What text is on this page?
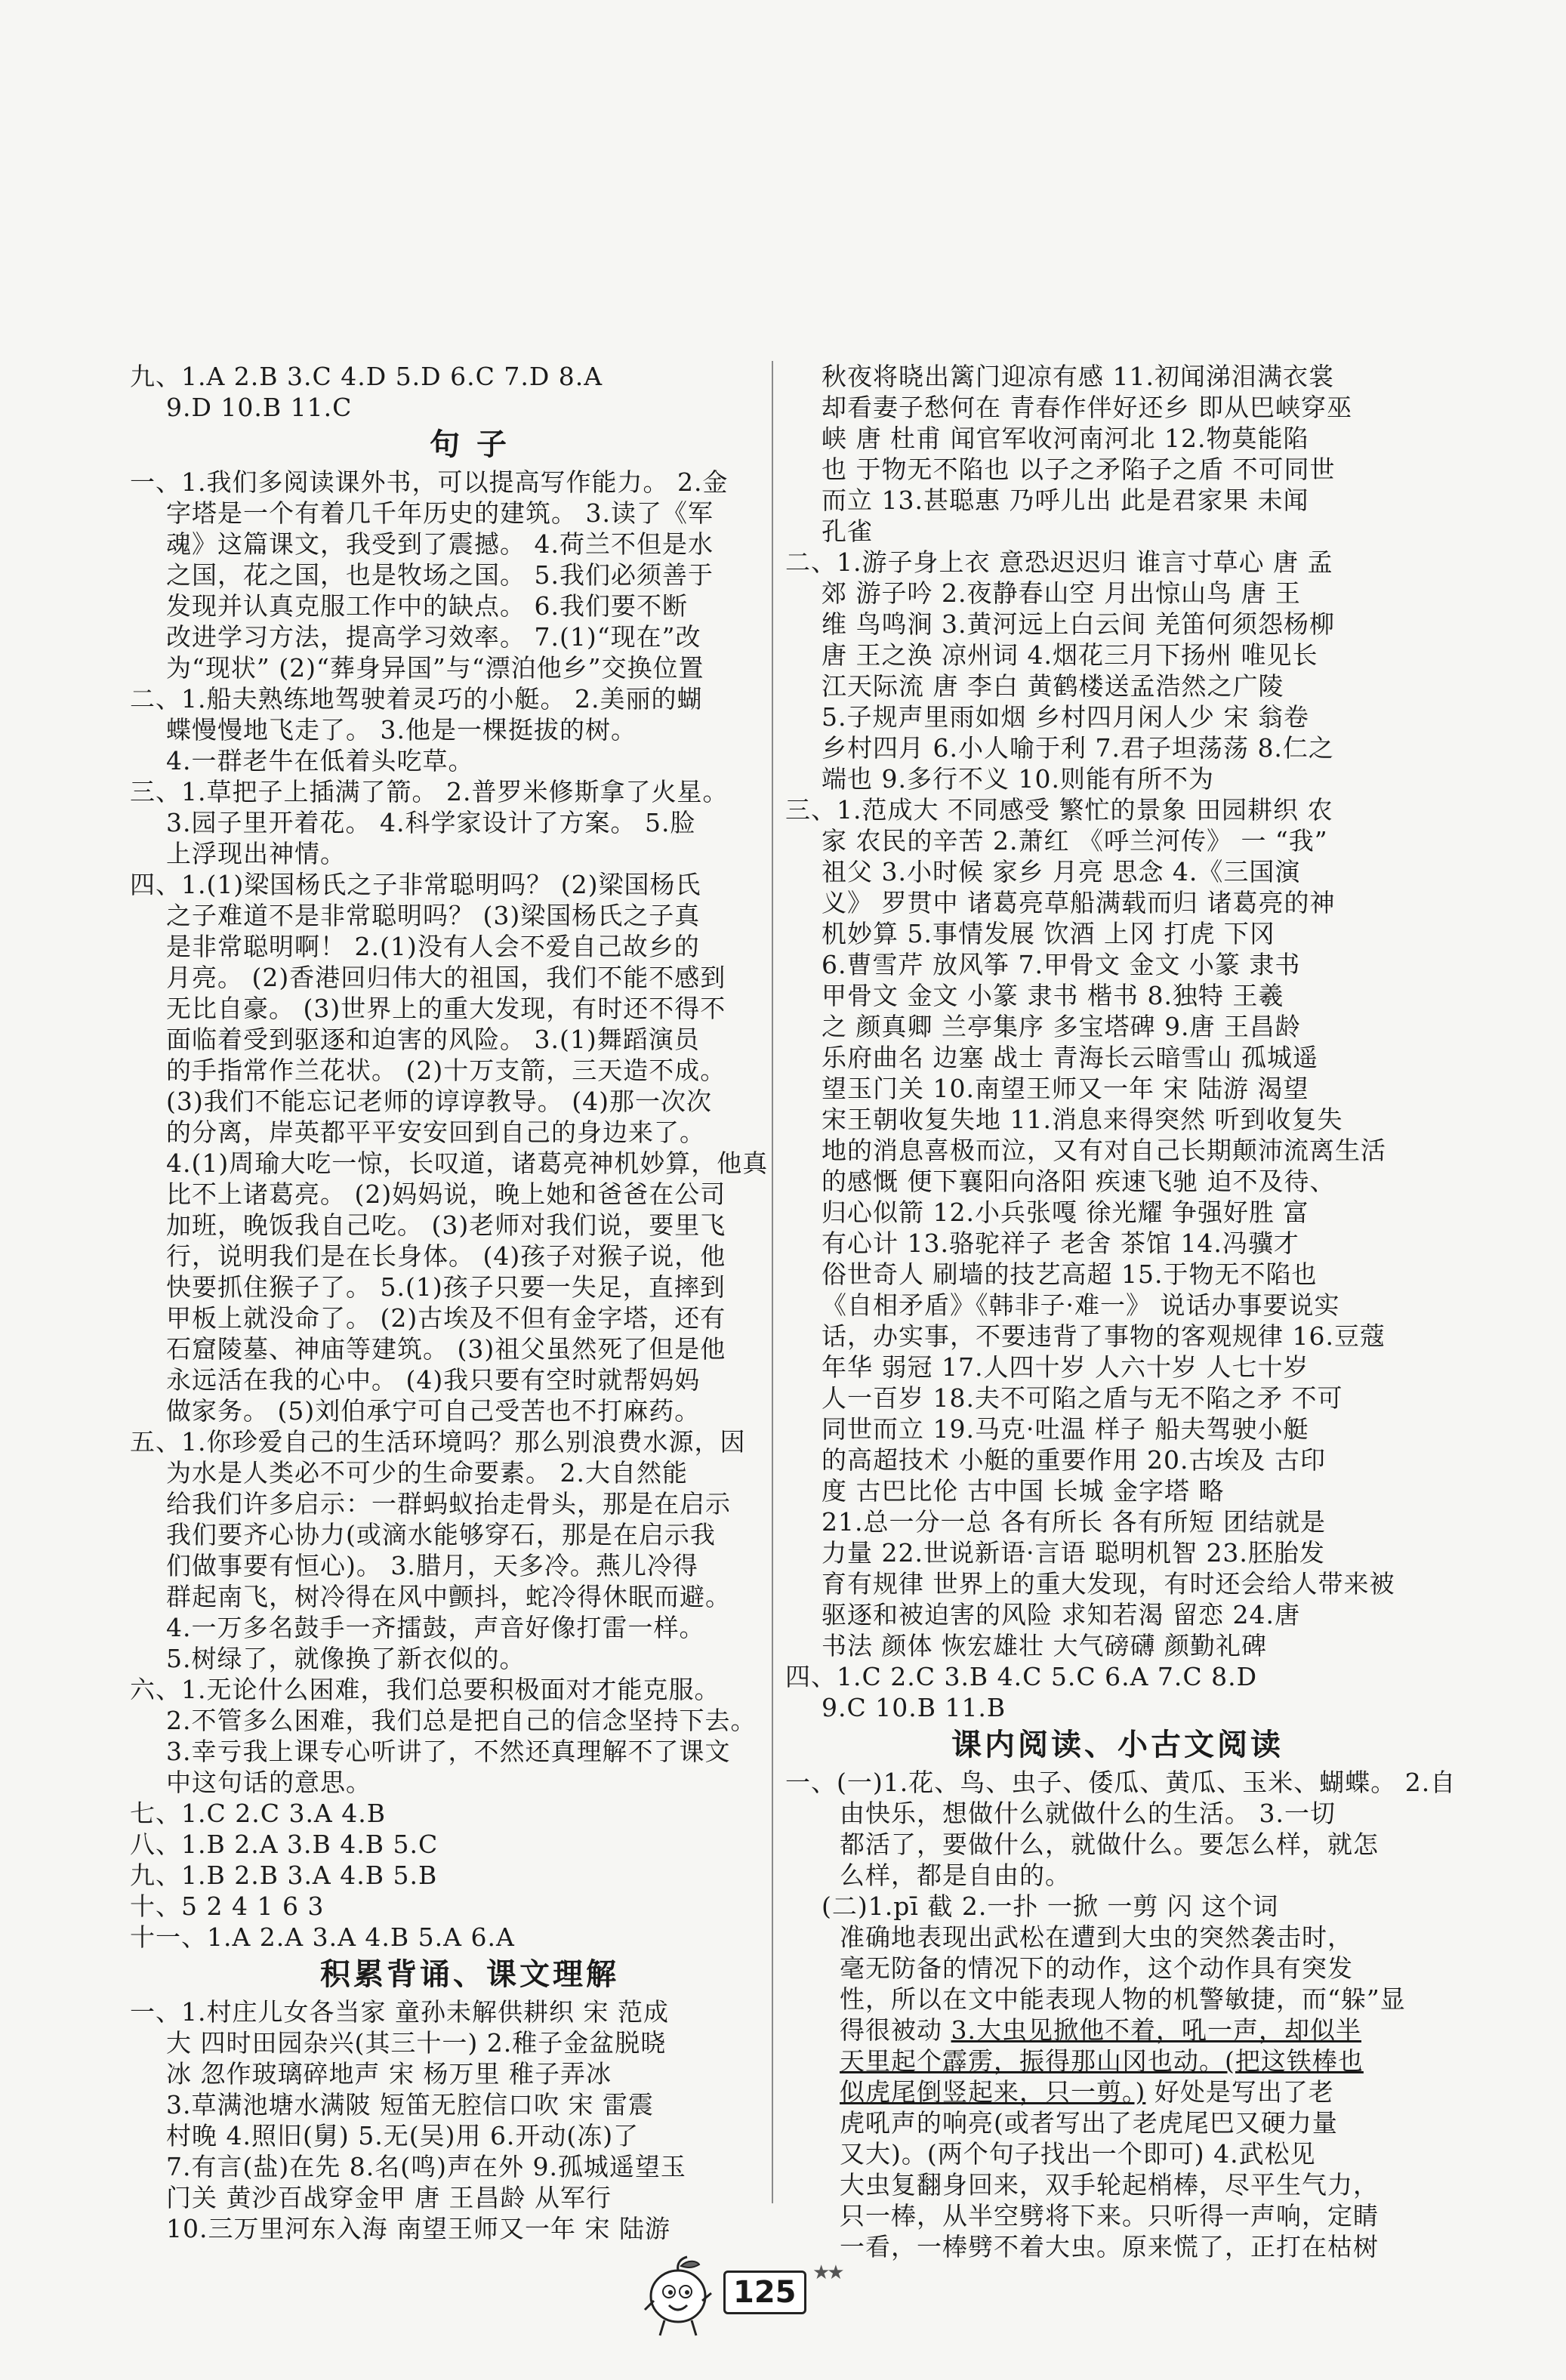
九、1.A 2.B 3.C 4.D 5.D 6.C 7.D 8.A
9.D 10.B 11.C
句 子
一、1.我们多阅读课外书，可以提高写作能力。 2.金
字塔是一个有着几千年历史的建筑。 3.读了《军
魂》这篇课文，我受到了震撼。 4.荷兰不但是水
之国，花之国，也是牧场之国。 5.我们必须善于
发现并认真克服工作中的缺点。 6.我们要不断
改进学习方法，提高学习效率。 7.(1)“现在”改
为“现状” (2)“葬身异国”与“漂泊他乡”交换位置
二、1.船夫熟练地驾驶着灵巧的小艇。 2.美丽的蝴
蝶慢慢地飞走了。 3.他是一棵挺拔的树。
4.一群老牛在低着头吃草。
三、1.草把子上插满了箭。 2.普罗米修斯拿了火星。
3.园子里开着花。 4.科学家设计了方案。 5.脸
上浮现出神情。
四、1.(1)梁国杨氏之子非常聪明吗？ (2)梁国杨氏
之子难道不是非常聪明吗？ (3)梁国杨氏之子真
是非常聪明啊！ 2.(1)没有人会不爱自己故乡的
月亮。 (2)香港回归伟大的祖国，我们不能不感到
无比自豪。 (3)世界上的重大发现，有时还不得不
面临着受到驱逐和迫害的风险。 3.(1)舞蹈演员
的手指常作兰花状。 (2)十万支箭，三天造不成。
(3)我们不能忘记老师的谆谆教导。 (4)那一次次
的分离，岸英都平平安安回到自己的身边来了。
4.(1)周瑜大吃一惊，长叹道，诸葛亮神机妙算，他真
比不上诸葛亮。 (2)妈妈说，晚上她和爸爸在公司
加班，晚饭我自己吃。 (3)老师对我们说，要里飞
行，说明我们是在长身体。 (4)孩子对猴子说，他
快要抓住猴子了。 5.(1)孩子只要一失足，直摔到
甲板上就没命了。 (2)古埃及不但有金字塔，还有
石窟陵墓、神庙等建筑。 (3)祖父虽然死了但是他
永远活在我的心中。 (4)我只要有空时就帮妈妈
做家务。 (5)刘伯承宁可自己受苦也不打麻药。
五、1.你珍爱自己的生活环境吗？那么别浪费水源，因
为水是人类必不可少的生命要素。 2.大自然能
给我们许多启示：一群蚂蚁抬走骨头，那是在启示
我们要齐心协力(或滴水能够穿石，那是在启示我
们做事要有恒心)。 3.腊月，天多冷。燕儿冷得
群起南飞，树冷得在风中颤抖，蛇冷得休眠而避。
4.一万多名鼓手一齐擂鼓，声音好像打雷一样。
5.树绿了，就像换了新衣似的。
六、1.无论什么困难，我们总要积极面对才能克服。
2.不管多么困难，我们总是把自己的信念坚持下去。
3.幸亏我上课专心听讲了，不然还真理解不了课文
中这句话的意思。
七、1.C 2.C 3.A 4.B
八、1.B 2.A 3.B 4.B 5.C
九、1.B 2.B 3.A 4.B 5.B
十、5 2 4 1 6 3
十一、1.A 2.A 3.A 4.B 5.A 6.A
积累背诵、课文理解
一、1.村庄儿女各当家 童孙未解供耕织 宋 范成
大 四时田园杂兴(其三十一) 2.稚子金盆脱晓
冰 忽作玻璃碎地声 宋 杨万里 稚子弄冰
3.草满池塘水满陂 短笛无腔信口吹 宋 雷震
村晚 4.照旧(舅) 5.无(吴)用 6.开动(冻)了
7.有言(盐)在先 8.名(鸣)声在外 9.孤城遥望玉
门关 黄沙百战穿金甲 唐 王昌龄 从军行
10.三万里河东入海 南望王师又一年 宋 陆游
秋夜将晓出篱门迎凉有感 11.初闻涕泪满衣裳
却看妻子愁何在 青春作伴好还乡 即从巴峡穿巫
峡 唐 杜甫 闻官军收河南河北 12.物莫能陷
也 于物无不陷也 以子之矛陷子之盾 不可同世
而立 13.甚聪惠 乃呼儿出 此是君家果 未闻
孔雀
二、1.游子身上衣 意恐迟迟归 谁言寸草心 唐 孟
郊 游子吟 2.夜静春山空 月出惊山鸟 唐 王
维 鸟鸣涧 3.黄河远上白云间 羌笛何须怨杨柳
唐 王之涣 凉州词 4.烟花三月下扬州 唯见长
江天际流 唐 李白 黄鹤楼送孟浩然之广陵
5.子规声里雨如烟 乡村四月闲人少 宋 翁卷
乡村四月 6.小人喻于利 7.君子坦荡荡 8.仁之
端也 9.多行不义 10.则能有所不为
三、1.范成大 不同感受 繁忙的景象 田园耕织 农
家 农民的辛苦 2.萧红 《呼兰河传》 一 “我”
祖父 3.小时候 家乡 月亮 思念 4.《三国演
义》 罗贯中 诸葛亮草船满载而归 诸葛亮的神
机妙算 5.事情发展 饮酒 上冈 打虎 下冈
6.曹雪芹 放风筝 7.甲骨文 金文 小篆 隶书
甲骨文 金文 小篆 隶书 楷书 8.独特 王羲
之 颜真卿 兰亭集序 多宝塔碑 9.唐 王昌龄
乐府曲名 边塞 战士 青海长云暗雪山 孤城遥
望玉门关 10.南望王师又一年 宋 陆游 渴望
宋王朝收复失地 11.消息来得突然 听到收复失
地的消息喜极而泣，又有对自己长期颠沛流离生活
的感慨 便下襄阳向洛阳 疾速飞驰 迫不及待、
归心似箭 12.小兵张嘎 徐光耀 争强好胜 富
有心计 13.骆驼祥子 老舍 茶馆 14.冯骥才
俗世奇人 刷墙的技艺高超 15.于物无不陷也
《自相矛盾》《韩非子·难一》 说话办事要说实
话，办实事，不要违背了事物的客观规律 16.豆蔻
年华 弱冠 17.人四十岁 人六十岁 人七十岁
人一百岁 18.夫不可陷之盾与无不陷之矛 不可
同世而立 19.马克·吐温 样子 船夫驾驶小艇
的高超技术 小艇的重要作用 20.古埃及 古印
度 古巴比伦 古中国 长城 金字塔 略
21.总一分一总 各有所长 各有所短 团结就是
力量 22.世说新语·言语 聪明机智 23.胚胎发
育有规律 世界上的重大发现，有时还会给人带来被
驱逐和被迫害的风险 求知若渴 留恋 24.唐
书法 颜体 恢宏雄壮 大气磅礴 颜勤礼碑
四、1.C 2.C 3.B 4.C 5.C 6.A 7.C 8.D
9.C 10.B 11.B
课内阅读、小古文阅读
一、(一)1.花、鸟、虫子、倭瓜、黄瓜、玉米、蝴蝶。 2.自
由快乐，想做什么就做什么的生活。 3.一切
都活了，要做什么，就做什么。要怎么样，就怎
么样，都是自由的。
(二)1.pī 截 2.一扑 一掀 一剪 闪 这个词
准确地表现出武松在遭到大虫的突然袭击时，
毫无防备的情况下的动作，这个动作具有突发
性，所以在文中能表现人物的机警敏捷，而“躲”显
得很被动 3.大虫见掀他不着，吼一声，却似半
天里起个霹雳，振得那山冈也动。(把这铁棒也
似虎尾倒竖起来，只一剪。) 好处是写出了老
虎吼声的响亮(或者写出了老虎尾巴又硬力量
又大)。(两个句子找出一个即可) 4.武松见
大虫复翻身回来，双手轮起梢棒，尽平生气力，
只一棒，从半空劈将下来。只听得一声响，定睛
一看，一棒劈不着大虫。原来慌了，正打在枯树
125
★★
